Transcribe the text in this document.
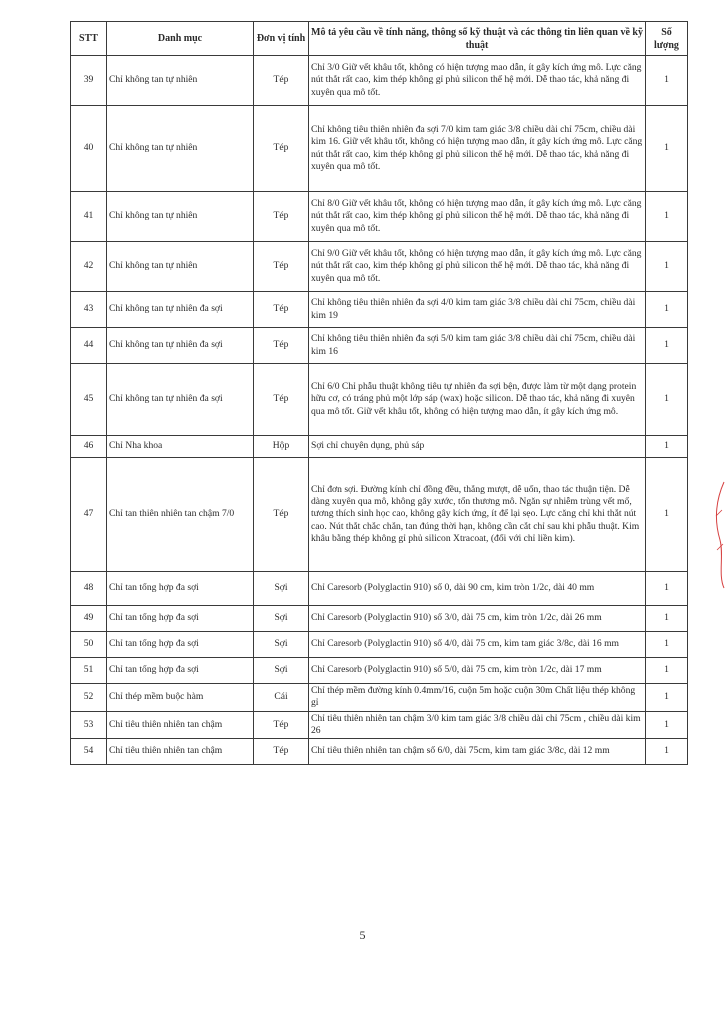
STT	Danh mục	Đơn vị tính	Mô tả yêu cầu về tính năng, thông số kỹ thuật và các thông tin liên quan về kỹ thuật	Số lượng
39	Chỉ không tan tự nhiên	Tép	Chỉ 3/0 Giữ vết khâu tốt, không có hiện tượng mao dẫn, ít gây kích ứng mô. Lực căng nút thắt rất cao, kim thép không gỉ phủ silicon thế hệ mới. Dễ thao tác, khả năng đi xuyên qua mô tốt.	1
40	Chỉ không tan tự nhiên	Tép	Chỉ không tiêu thiên nhiên đa sợi 7/0 kim tam giác 3/8 chiều dài chỉ 75cm, chiều dài kim 16. Giữ vết khâu tốt, không có hiện tượng mao dẫn, ít gây kích ứng mô. Lực căng nút thắt rất cao, kim thép không gỉ phủ silicon thế hệ mới. Dễ thao tác, khả năng đi xuyên qua mô tốt.	1
41	Chỉ không tan tự nhiên	Tép	Chỉ 8/0 Giữ vết khâu tốt, không có hiện tượng mao dẫn, ít gây kích ứng mô. Lực căng nút thắt rất cao, kim thép không gỉ phủ silicon thế hệ mới. Dễ thao tác, khả năng đi xuyên qua mô tốt.	1
42	Chỉ không tan tự nhiên	Tép	Chỉ 9/0 Giữ vết khâu tốt, không có hiện tượng mao dẫn, ít gây kích ứng mô. Lực căng nút thắt rất cao, kim thép không gỉ phủ silicon thế hệ mới. Dễ thao tác, khả năng đi xuyên qua mô tốt.	1
43	Chỉ không tan tự nhiên đa sợi	Tép	Chỉ không tiêu thiên nhiên đa sợi 4/0 kim tam giác 3/8 chiều dài chỉ 75cm, chiều dài kim 19	1
44	Chỉ không tan tự nhiên đa sợi	Tép	Chỉ không tiêu thiên nhiên đa sợi 5/0 kim tam giác 3/8 chiều dài chỉ 75cm, chiều dài kim 16	1
45	Chỉ không tan tự nhiên đa sợi	Tép	Chỉ 6/0 Chỉ phẫu thuật không tiêu tự nhiên đa sợi bện, được làm từ một dạng protein hữu cơ, có tráng phủ một lớp sáp (wax) hoặc silicon. Dễ thao tác, khả năng đi xuyên qua mô tốt. Giữ vết khâu tốt, không có hiện tượng mao dẫn, ít gây kích ứng mô.	1
46	Chỉ Nha khoa	Hộp	Sợi chỉ chuyên dụng, phủ sáp	1
47	Chỉ tan thiên nhiên tan chậm 7/0	Tép	Chỉ đơn sợi. Đường kính chỉ đồng đều, thẳng mượt, dễ uốn, thao tác thuận tiện. Dễ dàng xuyên qua mô, không gây xước, tổn thương mô. Ngăn sự nhiễm trùng vết mổ, tương thích sinh học cao, không gây kích ứng, ít để lại sẹo. Lực căng chỉ khi thắt nút cao. Nút thắt chắc chắn, tan đúng thời hạn, không cần cắt chỉ sau khi phẫu thuật. Kim khâu bằng thép không gỉ phủ silicon Xtracoat, (đối với chỉ liền kim).	1
48	Chỉ tan tổng hợp đa sợi	Sợi	Chỉ Caresorb (Polyglactin 910) số 0, dài 90 cm, kim tròn 1/2c, dài 40 mm	1
49	Chỉ tan tổng hợp đa sợi	Sợi	Chỉ Caresorb (Polyglactin 910) số 3/0, dài 75 cm, kim tròn 1/2c, dài 26 mm	1
50	Chỉ tan tổng hợp đa sợi	Sợi	Chỉ Caresorb (Polyglactin 910) số 4/0, dài 75 cm, kim tam giác 3/8c, dài 16 mm	1
51	Chỉ tan tổng hợp đa sợi	Sợi	Chỉ Caresorb (Polyglactin 910) số 5/0, dài 75 cm, kim tròn 1/2c, dài 17 mm	1
52	Chỉ thép mềm buộc hàm	Cái	Chỉ thép mềm đường kính 0.4mm/16, cuộn 5m hoặc cuộn 30m Chất liệu thép không gỉ	1
53	Chỉ tiêu thiên nhiên tan chậm	Tép	Chỉ tiêu thiên nhiên tan chậm 3/0 kim tam giác 3/8 chiều dài chỉ 75cm , chiều dài kim 26	1
54	Chỉ tiêu thiên nhiên tan chậm	Tép	Chỉ tiêu thiên nhiên tan chậm số 6/0, dài 75cm, kim tam giác 3/8c, dài 12 mm	1
5
